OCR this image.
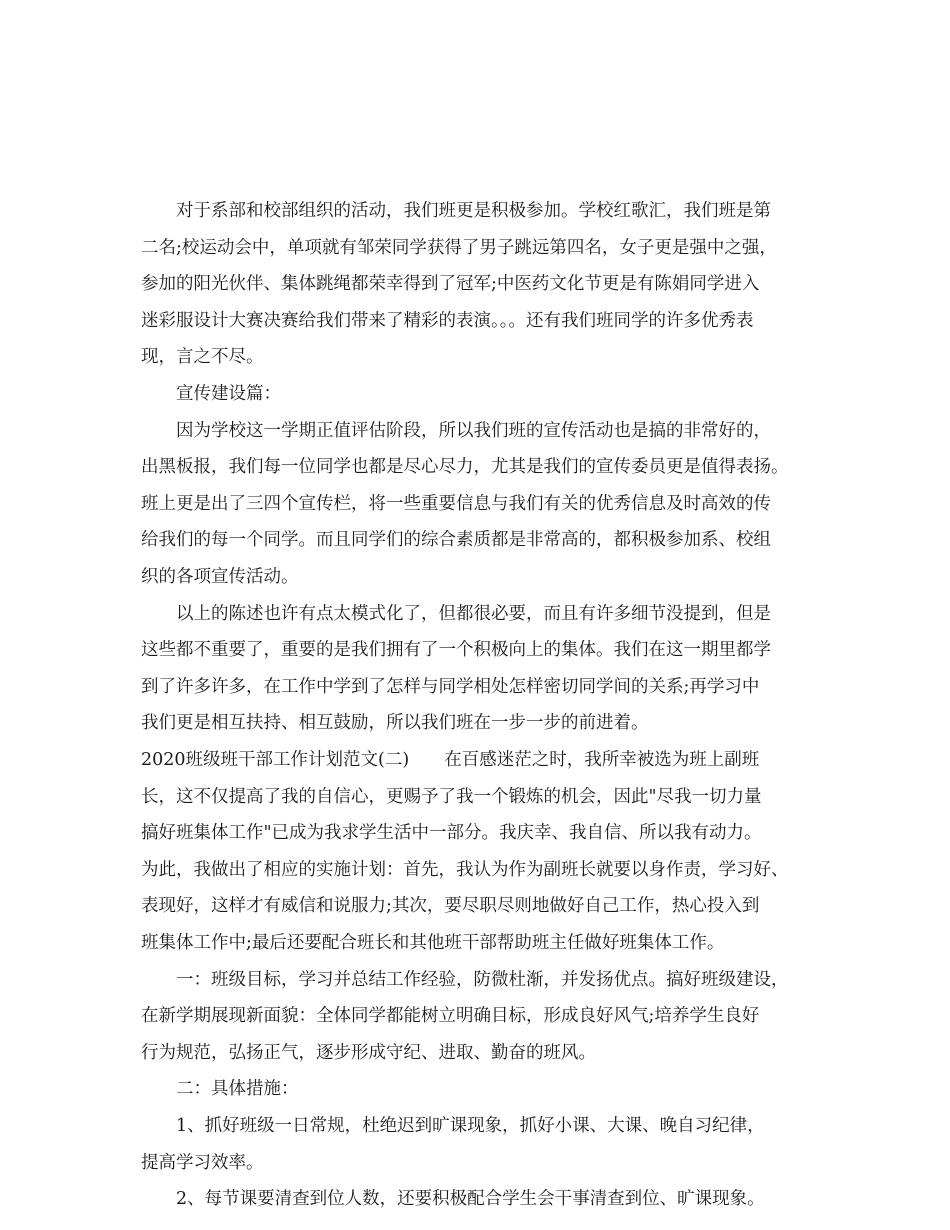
　　对于系部和校部组织的活动，我们班更是积极参加。学校红歌汇，我们班是第
二名;校运动会中，单项就有邹荣同学获得了男子跳远第四名，女子更是强中之强，
参加的阳光伙伴、集体跳绳都荣幸得到了冠军;中医药文化节更是有陈娟同学进入
迷彩服设计大赛决赛给我们带来了精彩的表演。。。还有我们班同学的许多优秀表
现，言之不尽。
　　宣传建设篇：
　　因为学校这一学期正值评估阶段，所以我们班的宣传活动也是搞的非常好的，
出黑板报，我们每一位同学也都是尽心尽力，尤其是我们的宣传委员更是值得表扬。
班上更是出了三四个宣传栏，将一些重要信息与我们有关的优秀信息及时高效的传
给我们的每一个同学。而且同学们的综合素质都是非常高的，都积极参加系、校组
织的各项宣传活动。
　　以上的陈述也许有点太模式化了，但都很必要，而且有许多细节没提到，但是
这些都不重要了，重要的是我们拥有了一个积极向上的集体。我们在这一期里都学
到了许多许多，在工作中学到了怎样与同学相处怎样密切同学间的关系;再学习中
我们更是相互扶持、相互鼓励，所以我们班在一步一步的前进着。
2020班级班干部工作计划范文(二)　　在百感迷茫之时，我所幸被选为班上副班
长，这不仅提高了我的自信心，更赐予了我一个锻炼的机会，因此"尽我一切力量
搞好班集体工作"已成为我求学生活中一部分。我庆幸、我自信、所以我有动力。
为此，我做出了相应的实施计划：首先，我认为作为副班长就要以身作责，学习好、
表现好，这样才有威信和说服力;其次，要尽职尽则地做好自己工作，热心投入到
班集体工作中;最后还要配合班长和其他班干部帮助班主任做好班集体工作。
　　一：班级目标，学习并总结工作经验，防微杜渐，并发扬优点。搞好班级建设，
在新学期展现新面貌：全体同学都能树立明确目标，形成良好风气;培养学生良好
行为规范，弘扬正气，逐步形成守纪、进取、勤奋的班风。
　　二：具体措施：
　　1、抓好班级一日常规，杜绝迟到旷课现象，抓好小课、大课、晚自习纪律，
提高学习效率。
　　2、每节课要清查到位人数，还要积极配合学生会干事清查到位、旷课现象。
